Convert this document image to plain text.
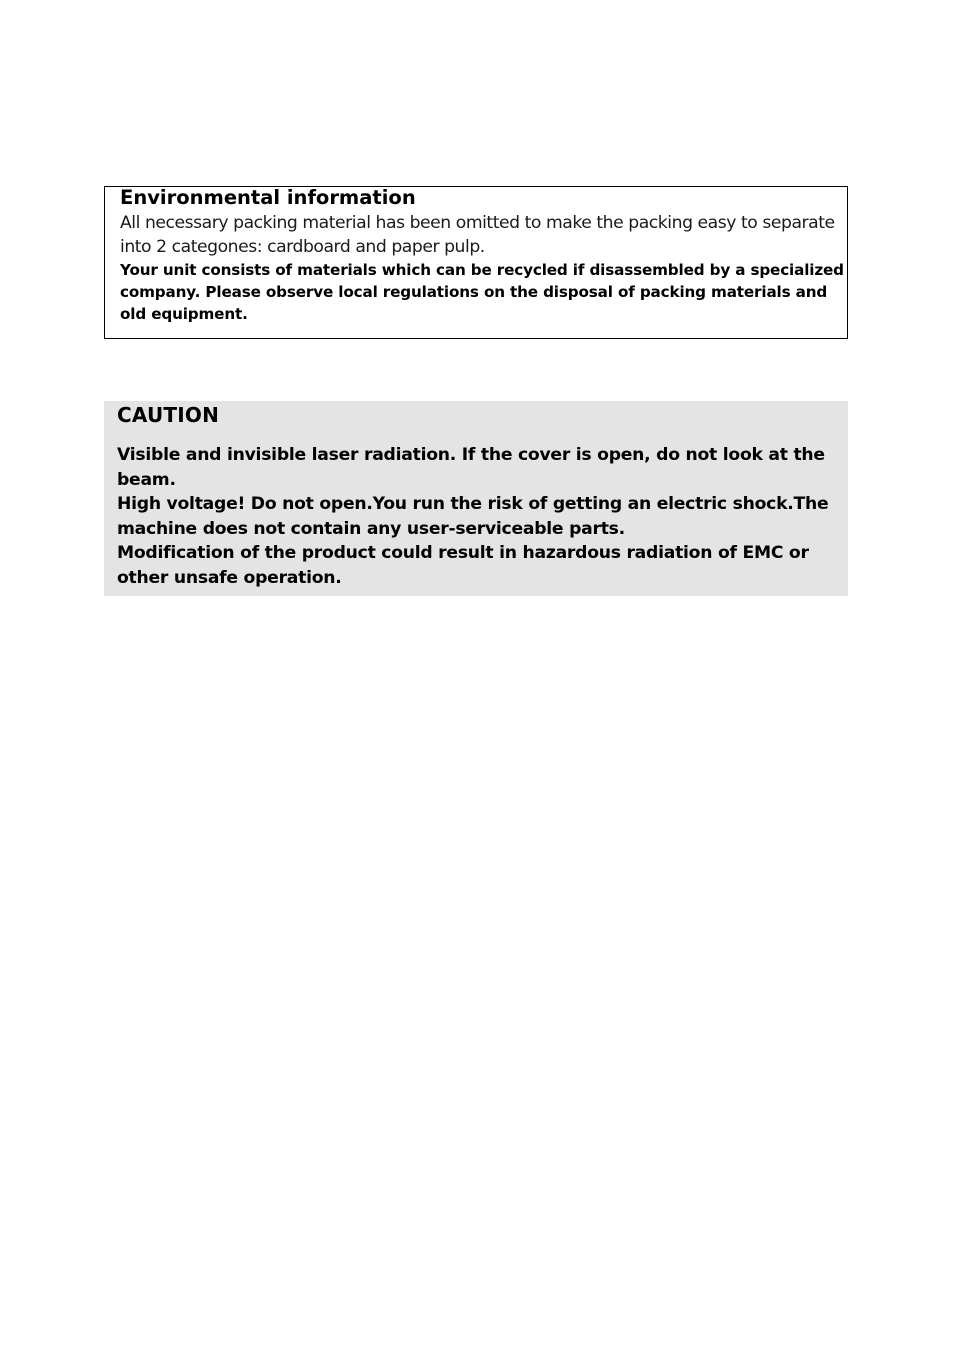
Environmental information

All necessary packing material has been omitted to make the packing easy to separate into 2 categones: cardboard and paper pulp.

Your unit consists of materials which can be recycled if disassembled by a specialized company. Please observe local regulations on the disposal of packing materials and old equipment.

CAUTION

Visible and invisible laser radiation. If the cover is open, do not look at the beam.

High voltage! Do not open.You run the risk of getting an electric shock.The machine does not contain any user-serviceable parts.

Modification of the product could result in hazardous radiation of EMC or other unsafe operation.
